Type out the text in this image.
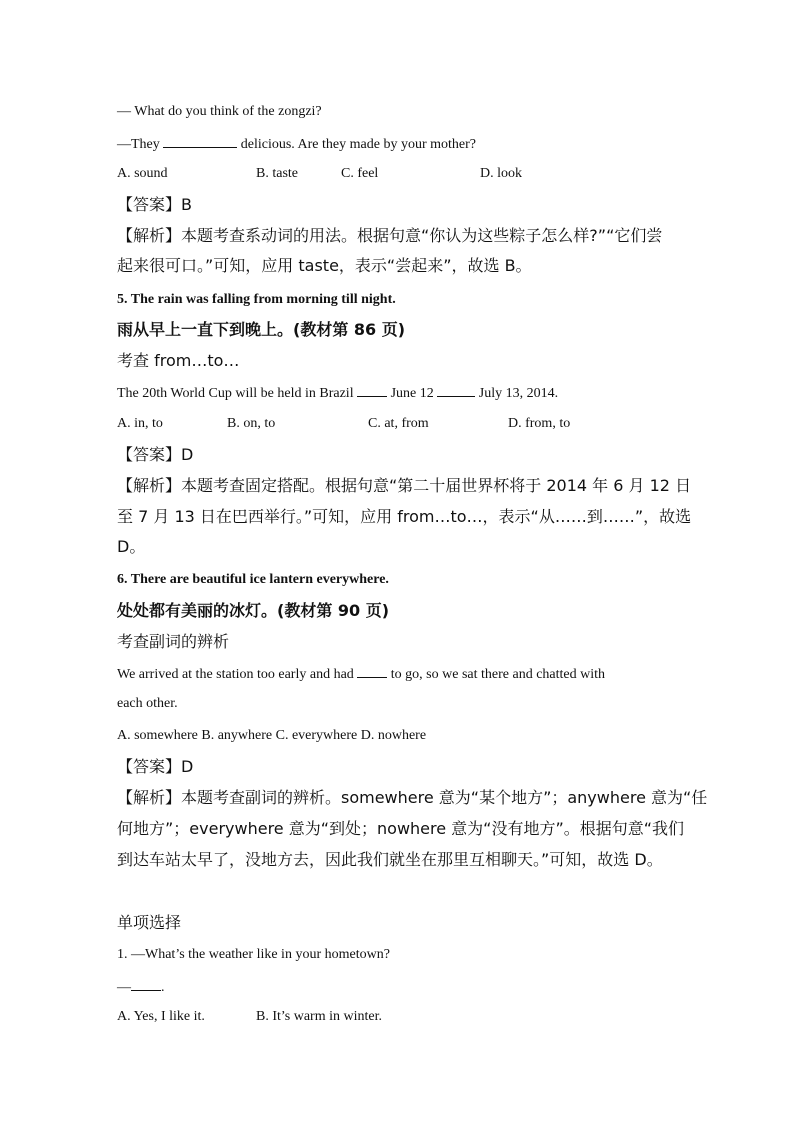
— What do you think of the zongzi?
—They	delicious. Are they made by your mother?
A. sound	B. taste	C. feel	D. look
【答案】B
【解析】本题考查系动词的用法。根据句意“你认为这些粽子怎么样?”“它们尝
起来很可口。”可知，应用 taste，表示“尝起来”，故选 B。
5. The rain was falling from morning till night.
雨从早上一直下到晚上。(教材第 86 页)
考查 from…to…
The 20th World Cup will be held in Brazil  June 12	July 13, 2014.
A. in, to	B. on, to	C. at, from	D. from, to
【答案】D
【解析】本题考查固定搭配。根据句意“第二十届世界杯将于 2014 年 6 月 12 日
至 7 月 13 日在巴西举行。”可知，应用 from…to…，表示“从……到……”，故选
D。
6. There are beautiful ice lantern everywhere.
处处都有美丽的冰灯。(教材第 90 页)
考查副词的辨析
We arrived at the station too early and had  to go, so we sat there and chatted with
each other.
A. somewhere B. anywhere C. everywhere D. nowhere
【答案】D
【解析】本题考查副词的辨析。somewhere 意为“某个地方”；anywhere 意为“任
何地方”；everywhere 意为“到处；nowhere 意为“没有地方”。根据句意“我们
到达车站太早了，没地方去，因此我们就坐在那里互相聊天。”可知，故选 D。
单项选择
1. —What’s the weather like in your hometown?
— .
A. Yes, I like it.	B. It’s warm in winter.
